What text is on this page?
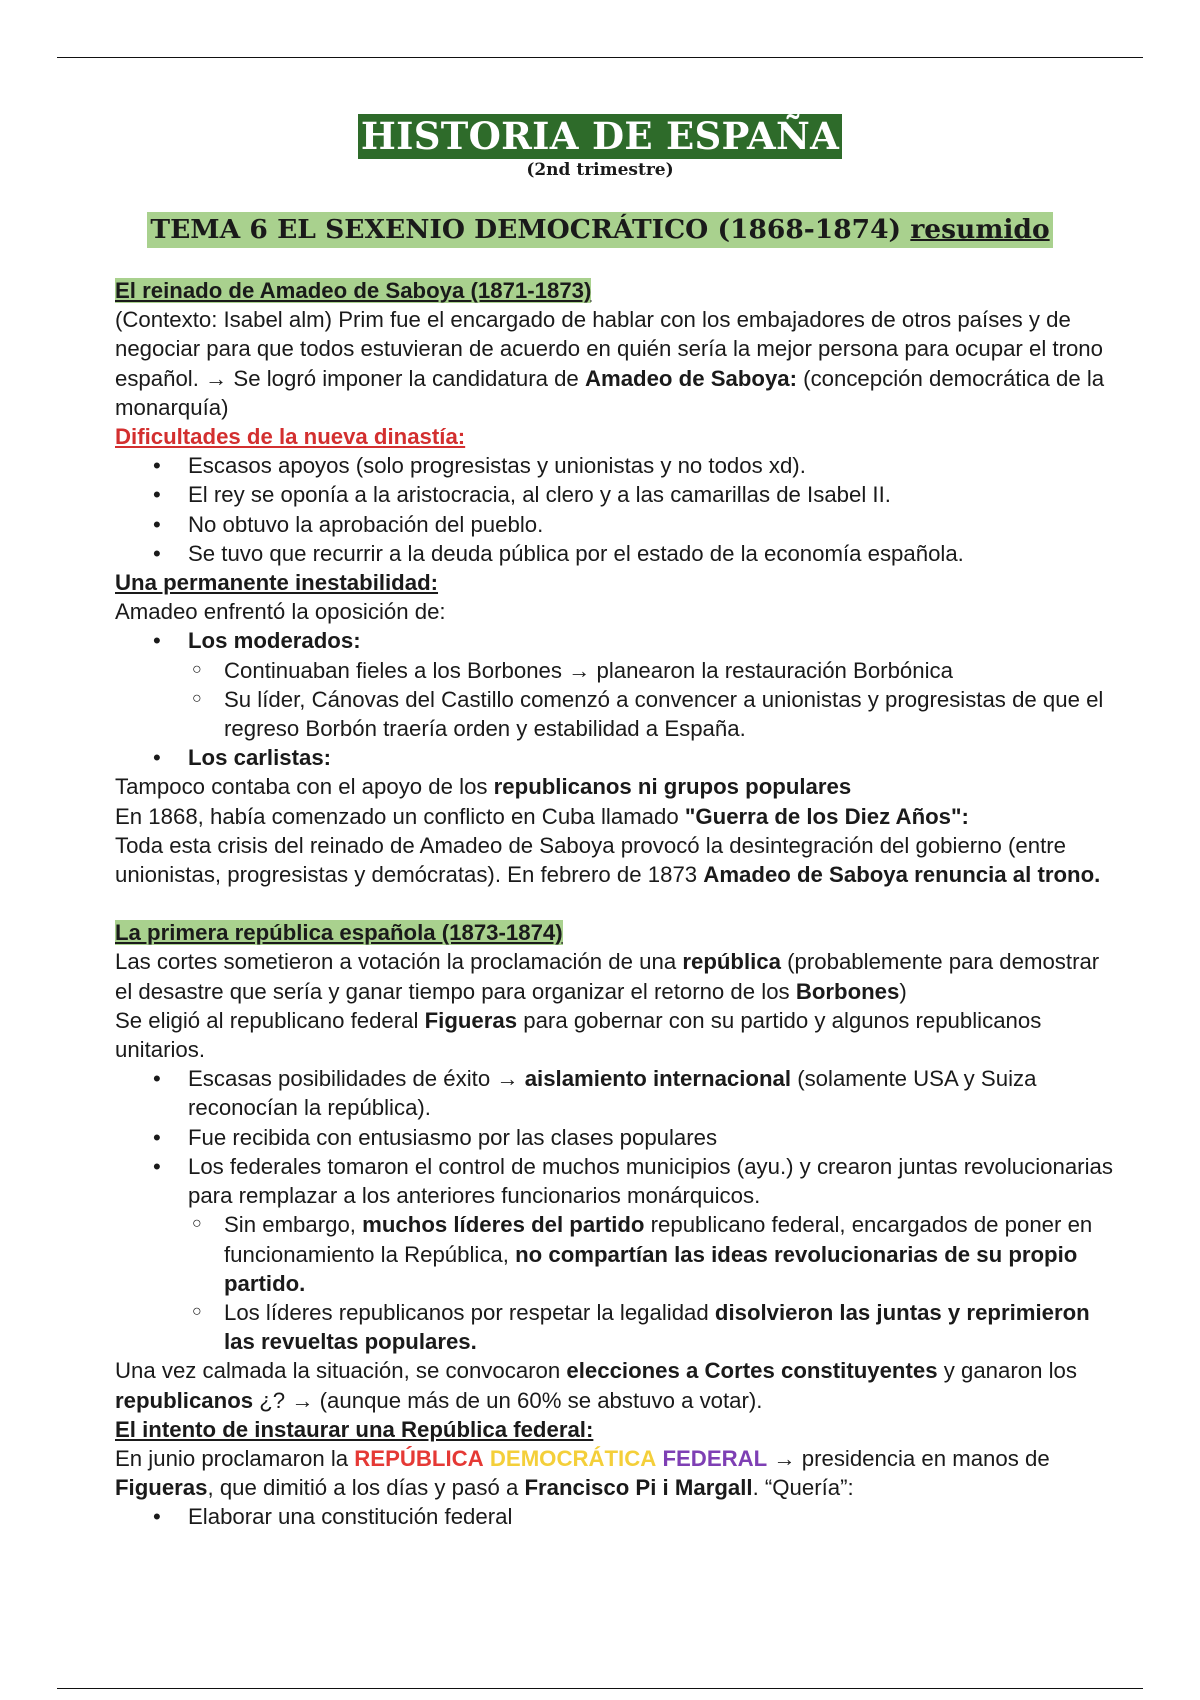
HISTORIA DE ESPAÑA
(2nd trimestre)
TEMA 6 EL SEXENIO DEMOCRÁTICO (1868-1874) resumido

El reinado de Amadeo de Saboya (1871-1873)

(Contexto: Isabel alm) Prim fue el encargado de hablar con los embajadores de otros países y de negociar para que todos estuvieran de acuerdo en quién sería la mejor persona para ocupar el trono español. → Se logró imponer la candidatura de Amadeo de Saboya: (concepción democrática de la monarquía)

Dificultades de la nueva dinastía:

• Escasos apoyos (solo progresistas y unionistas y no todos xd).
• El rey se oponía a la aristocracia, al clero y a las camarillas de Isabel II.
• No obtuvo la aprobación del pueblo.
• Se tuvo que recurrir a la deuda pública por el estado de la economía española.

Una permanente inestabilidad:

Amadeo enfrentó la oposición de:

• Los moderados:
○ Continuaban fieles a los Borbones → planearon la restauración Borbónica
○ Su líder, Cánovas del Castillo comenzó a convencer a unionistas y progresistas de que el regreso Borbón traería orden y estabilidad a España.
• Los carlistas:

Tampoco contaba con el apoyo de los republicanos ni grupos populares

En 1868, había comenzado un conflicto en Cuba llamado "Guerra de los Diez Años":

Toda esta crisis del reinado de Amadeo de Saboya provocó la desintegración del gobierno (entre unionistas, progresistas y demócratas). En febrero de 1873 Amadeo de Saboya renuncia al trono.

La primera república española (1873-1874)

Las cortes sometieron a votación la proclamación de una república (probablemente para demostrar el desastre que sería y ganar tiempo para organizar el retorno de los Borbones)

Se eligió al republicano federal Figueras para gobernar con su partido y algunos republicanos unitarios.

• Escasas posibilidades de éxito → aislamiento internacional (solamente USA y Suiza reconocían la república).
• Fue recibida con entusiasmo por las clases populares
• Los federales tomaron el control de muchos municipios (ayu.) y crearon juntas revolucionarias para remplazar a los anteriores funcionarios monárquicos.
○ Sin embargo, muchos líderes del partido republicano federal, encargados de poner en funcionamiento la República, no compartían las ideas revolucionarias de su propio partido.
○ Los líderes republicanos por respetar la legalidad disolvieron las juntas y reprimieron las revueltas populares.

Una vez calmada la situación, se convocaron elecciones a Cortes constituyentes y ganaron los republicanos ¿? → (aunque más de un 60% se abstuvo a votar).

El intento de instaurar una República federal:

En junio proclamaron la REPÚBLICA DEMOCRÁTICA FEDERAL → presidencia en manos de Figueras, que dimitió a los días y pasó a Francisco Pi i Margall. “Quería”:

• Elaborar una constitución federal
